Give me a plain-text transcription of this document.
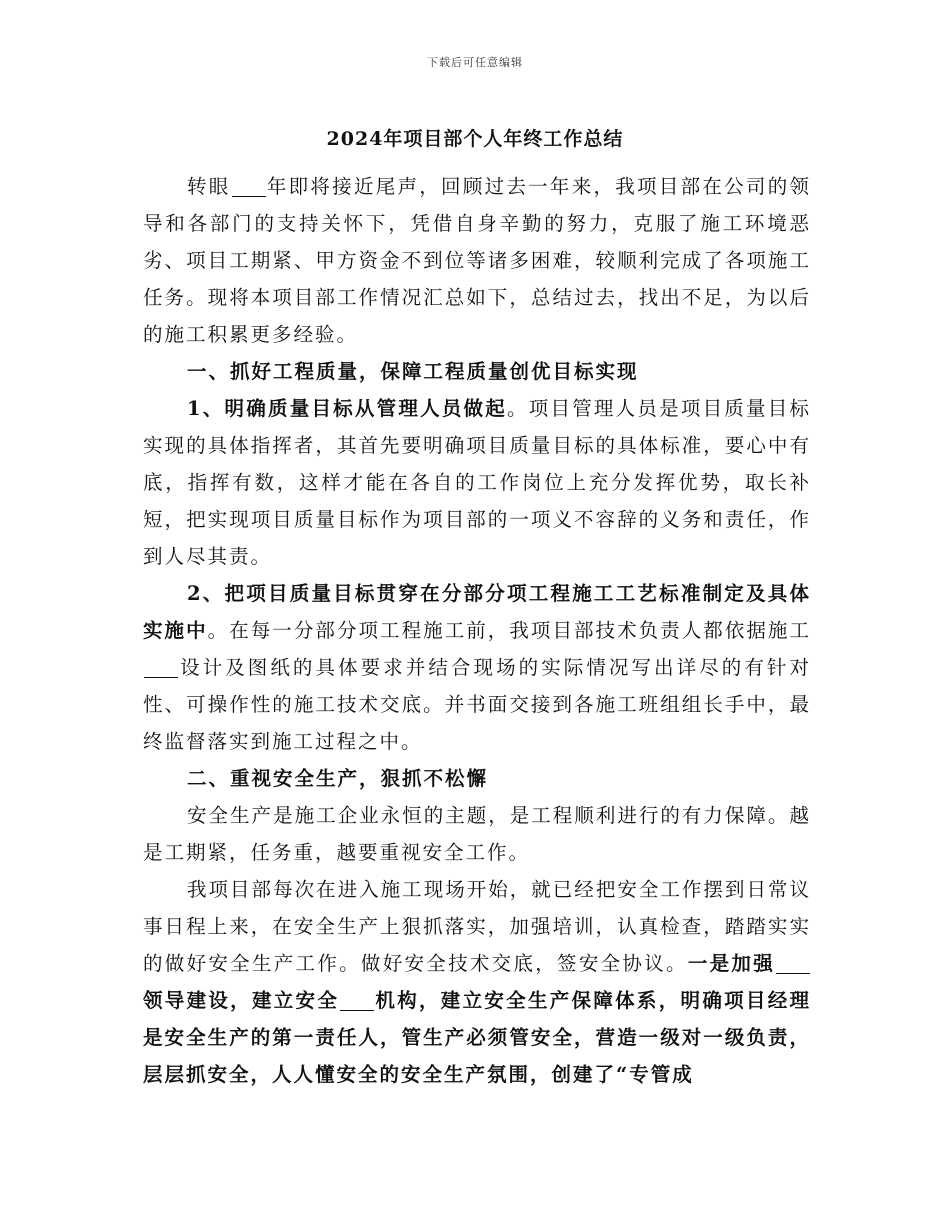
下载后可任意编辑
2024年项目部个人年终工作总结

转眼 年即将接近尾声，回顾过去一年来，我项目部在公司的领导和各部门的支持关怀下，凭借自身辛勤的努力，克服了施工环境恶劣、项目工期紧、甲方资金不到位等诸多困难，较顺利完成了各项施工任务。现将本项目部工作情况汇总如下，总结过去，找出不足，为以后的施工积累更多经验。

一、抓好工程质量，保障工程质量创优目标实现

1、明确质量目标从管理人员做起。项目管理人员是项目质量目标实现的具体指挥者，其首先要明确项目质量目标的具体标准，要心中有底，指挥有数，这样才能在各自的工作岗位上充分发挥优势，取长补短，把实现项目质量目标作为项目部的一项义不容辞的义务和责任，作到人尽其责。

2、把项目质量目标贯穿在分部分项工程施工工艺标准制定及具体实施中。在每一分部分项工程施工前，我项目部技术负责人都依据施工设计及图纸的具体要求并结合现场的实际情况写出详尽的有针对性、可操作性的施工技术交底。并书面交接到各施工班组组长手中，最终监督落实到施工过程之中。

二、重视安全生产，狠抓不松懈

安全生产是施工企业永恒的主题，是工程顺利进行的有力保障。越是工期紧，任务重，越要重视安全工作。

我项目部每次在进入施工现场开始，就已经把安全工作摆到日常议事日程上来，在安全生产上狠抓落实，加强培训，认真检查，踏踏实实的做好安全生产工作。做好安全技术交底，签安全协议。一是加强领导建设，建立安全 机构，建立安全生产保障体系，明确项目经理是安全生产的第一责任人，管生产必须管安全，营造一级对一级负责，层层抓安全，人人懂安全的安全生产氛围，创建了“专管成
